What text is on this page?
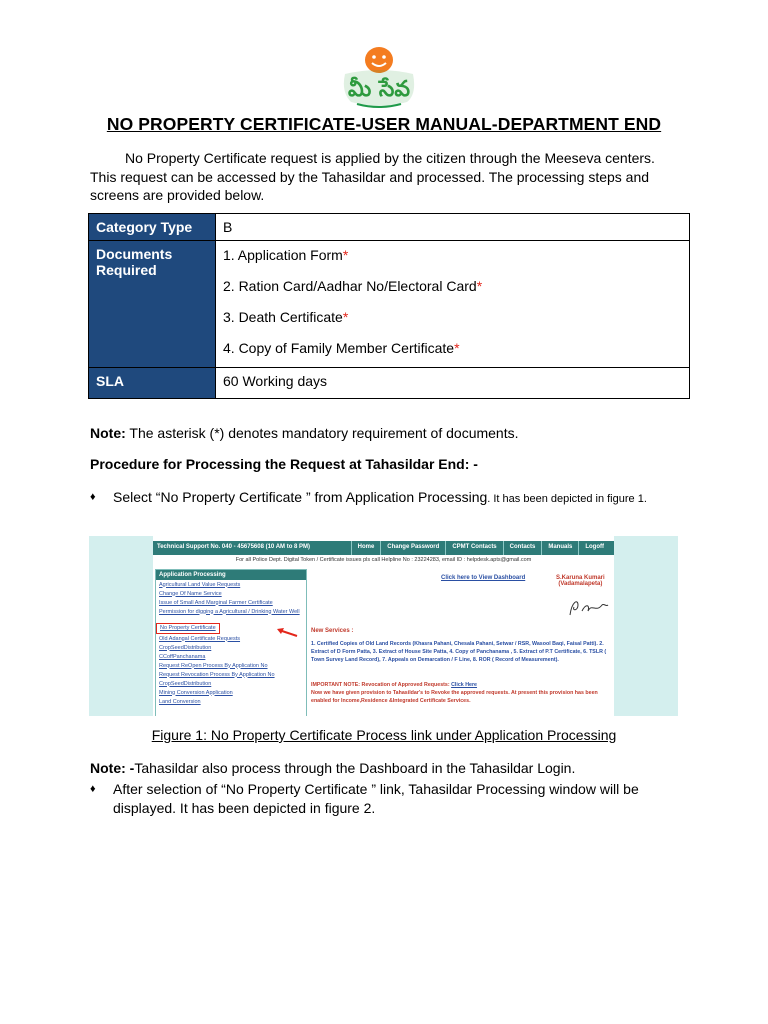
మీ సేవ
NO PROPERTY CERTIFICATE-USER MANUAL-DEPARTMENT END
No Property Certificate request is applied by the citizen through the Meeseva centers. This request can be accessed by the Tahasildar and processed. The processing steps and screens are provided below.
Category Type	B
Documents Required	1. Application Form*
2. Ration Card/Aadhar No/Electoral Card*
3. Death Certificate*
4. Copy of Family Member Certificate*

SLA	60 Working days
Note: The asterisk (*) denotes mandatory requirement of documents.
Procedure for Processing the Request at Tahasildar End: -
♦ Select “No Property Certificate ” from Application Processing. It has been depicted in figure 1.
Technical Support No. 040 - 45675608 (10 AM to 8 PM)	Home	Change Password	CPMT Contacts	Contacts	Manuals	Logoff
For all Police Dept. Digital Token / Certificate issues pls call Helpline No : 23224283, email ID : helpdesk.apts@gmail.com
Application Processing
Agricultural Land Value Requests
Change Of Name Service
Issue of Small And Marginal Farmer Certificate
Permission for digging a Agricultural / Drinking Water Well
No Property Certificate
Old Adangal Certificate Requests
CropSeedDistribution
CCoffPanchanama
Request ReOpen Process By Application No
Request Revocation Process By Application No
CropSeedDistribution
Mining Conversion Application
Land Conversion
Click here to View Dashboard	S.Karuna Kumari
(Vadamalapeta)
New Services :
1. Certified Copies of Old Land Records (Khasra Pahani, Chesala Pahani, Setwar / RSR, Wasool Baqi, Faisal Patti). 2. Extract of D Form Patta, 3. Extract of House Site Patta, 4. Copy of Panchanama , 5. Extract of P.T Certificate, 6. TSLR ( Town Survey Land Record), 7. Appeals on Demarcation / F Line, 8. ROR ( Record of Measurement).
IMPORTANT NOTE: Revocation of Approved Requests: Click Here
Now we have given provision to Tahasildar's to Revoke the approved requests. At present this provision has been enabled for Income,Residence &Integrated Certificate Services.
Figure 1: No Property Certificate Process link under Application Processing
Note: -Tahasildar also process through the Dashboard in the Tahasildar Login.
♦ After selection of “No Property Certificate ” link, Tahasildar Processing window will be displayed. It has been depicted in figure 2.
